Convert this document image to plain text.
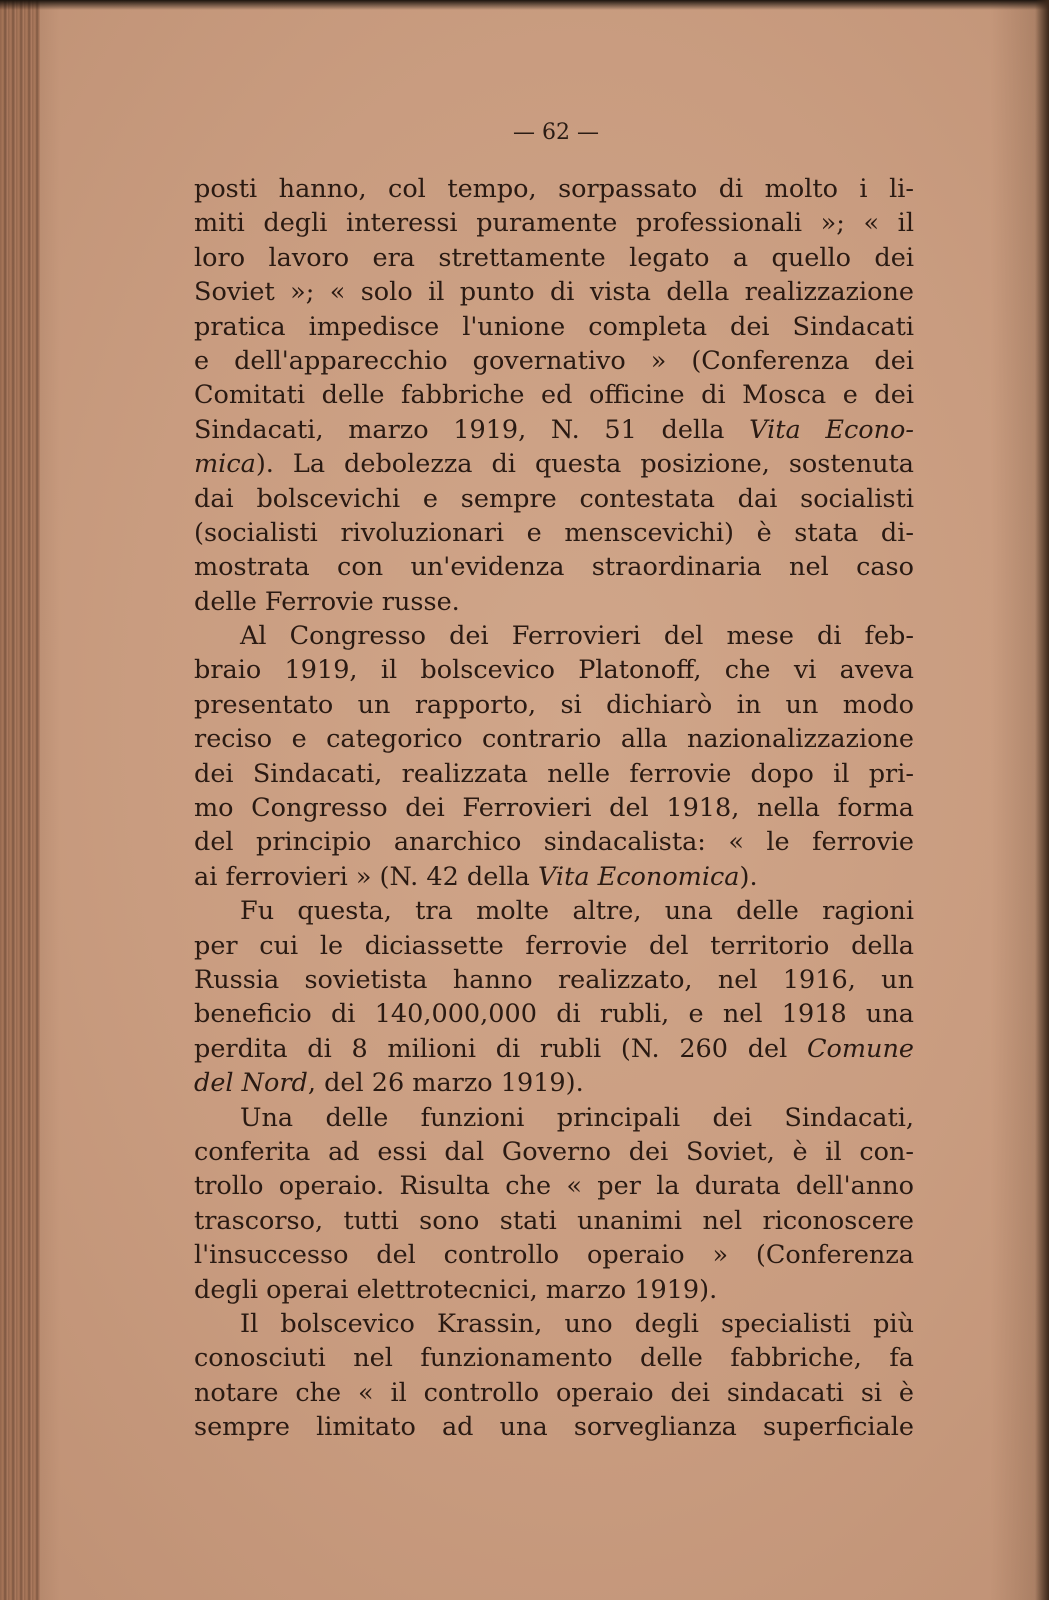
— 62 —
posti hanno, col tempo, sorpassato di molto i li-
miti degli interessi puramente professionali »; « il
loro lavoro era strettamente legato a quello dei
Soviet »; « solo il punto di vista della realizzazione
pratica impedisce l'unione completa dei Sindacati
e dell'apparecchio governativo » (Conferenza dei
Comitati delle fabbriche ed officine di Mosca e dei
Sindacati, marzo 1919, N. 51 della Vita Econo-
mica). La debolezza di questa posizione, sostenuta
dai bolscevichi e sempre contestata dai socialisti
(socialisti rivoluzionari e menscevichi) è stata di-
mostrata con un'evidenza straordinaria nel caso
delle Ferrovie russe.
Al Congresso dei Ferrovieri del mese di feb-
braio 1919, il bolscevico Platonoff, che vi aveva
presentato un rapporto, si dichiarò in un modo
reciso e categorico contrario alla nazionalizzazione
dei Sindacati, realizzata nelle ferrovie dopo il pri-
mo Congresso dei Ferrovieri del 1918, nella forma
del principio anarchico sindacalista: « le ferrovie
ai ferrovieri » (N. 42 della Vita Economica).
Fu questa, tra molte altre, una delle ragioni
per cui le diciassette ferrovie del territorio della
Russia sovietista hanno realizzato, nel 1916, un
beneficio di 140,000,000 di rubli, e nel 1918 una
perdita di 8 milioni di rubli (N. 260 del Comune
del Nord, del 26 marzo 1919).
Una delle funzioni principali dei Sindacati,
conferita ad essi dal Governo dei Soviet, è il con-
trollo operaio. Risulta che « per la durata dell'anno
trascorso, tutti sono stati unanimi nel riconoscere
l'insuccesso del controllo operaio » (Conferenza
degli operai elettrotecnici, marzo 1919).
Il bolscevico Krassin, uno degli specialisti più
conosciuti nel funzionamento delle fabbriche, fa
notare che « il controllo operaio dei sindacati si è
sempre limitato ad una sorveglianza superficiale
